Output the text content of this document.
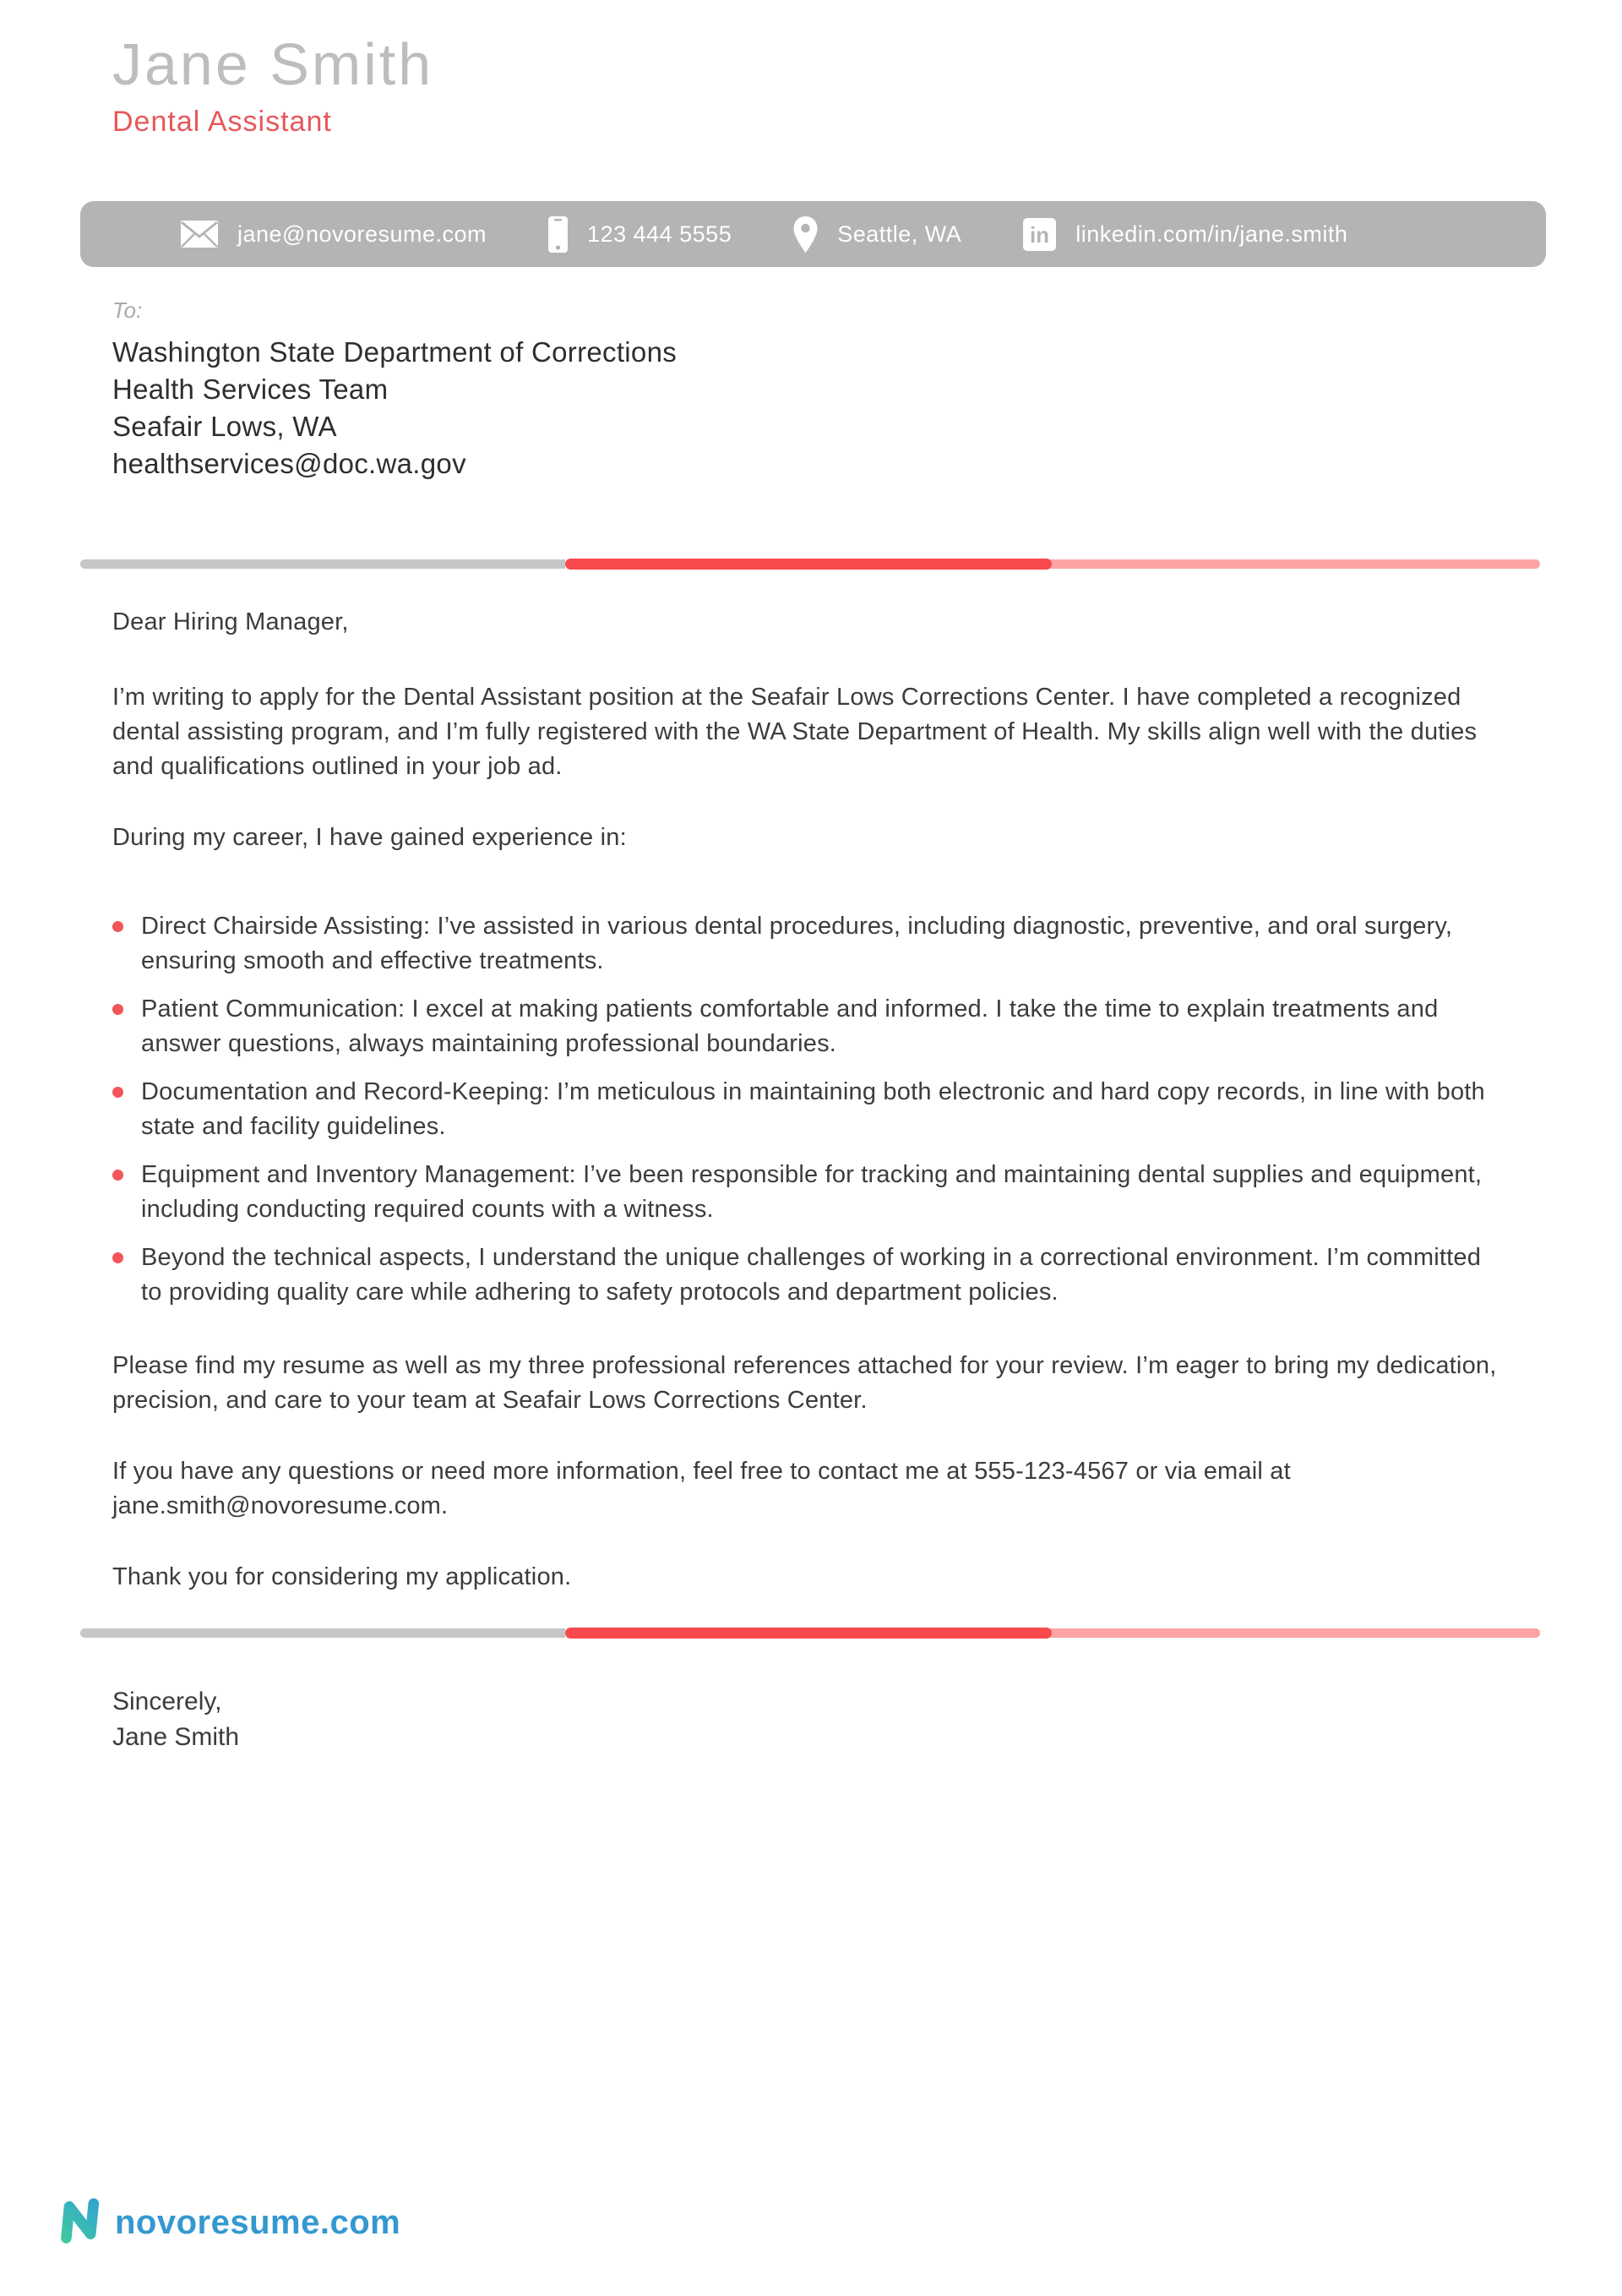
Jane Smith
Dental Assistant
jane@novoresume.com	123 444 5555	Seattle, WA	in linkedin.com/in/jane.smith
To:
Washington State Department of Corrections
Health Services Team
Seafair Lows, WA
healthservices@doc.wa.gov

Dear Hiring Manager,

I’m writing to apply for the Dental Assistant position at the Seafair Lows Corrections Center. I have completed a recognized dental assisting program, and I’m fully registered with the WA State Department of Health. My skills align well with the duties and qualifications outlined in your job ad.

During my career, I have gained experience in:

Direct Chairside Assisting: I’ve assisted in various dental procedures, including diagnostic, preventive, and oral surgery, ensuring smooth and effective treatments.
Patient Communication: I excel at making patients comfortable and informed. I take the time to explain treatments and answer questions, always maintaining professional boundaries.
Documentation and Record-Keeping: I’m meticulous in maintaining both electronic and hard copy records, in line with both state and facility guidelines.
Equipment and Inventory Management: I’ve been responsible for tracking and maintaining dental supplies and equipment, including conducting required counts with a witness.
Beyond the technical aspects, I understand the unique challenges of working in a correctional environment. I’m committed to providing quality care while adhering to safety protocols and department policies.

Please find my resume as well as my three professional references attached for your review. I’m eager to bring my dedication, precision, and care to your team at Seafair Lows Corrections Center.

If you have any questions or need more information, feel free to contact me at 555-123-4567 or via email at jane.smith@novoresume.com.

Thank you for considering my application.

Sincerely,
Jane Smith
novoresume.com
